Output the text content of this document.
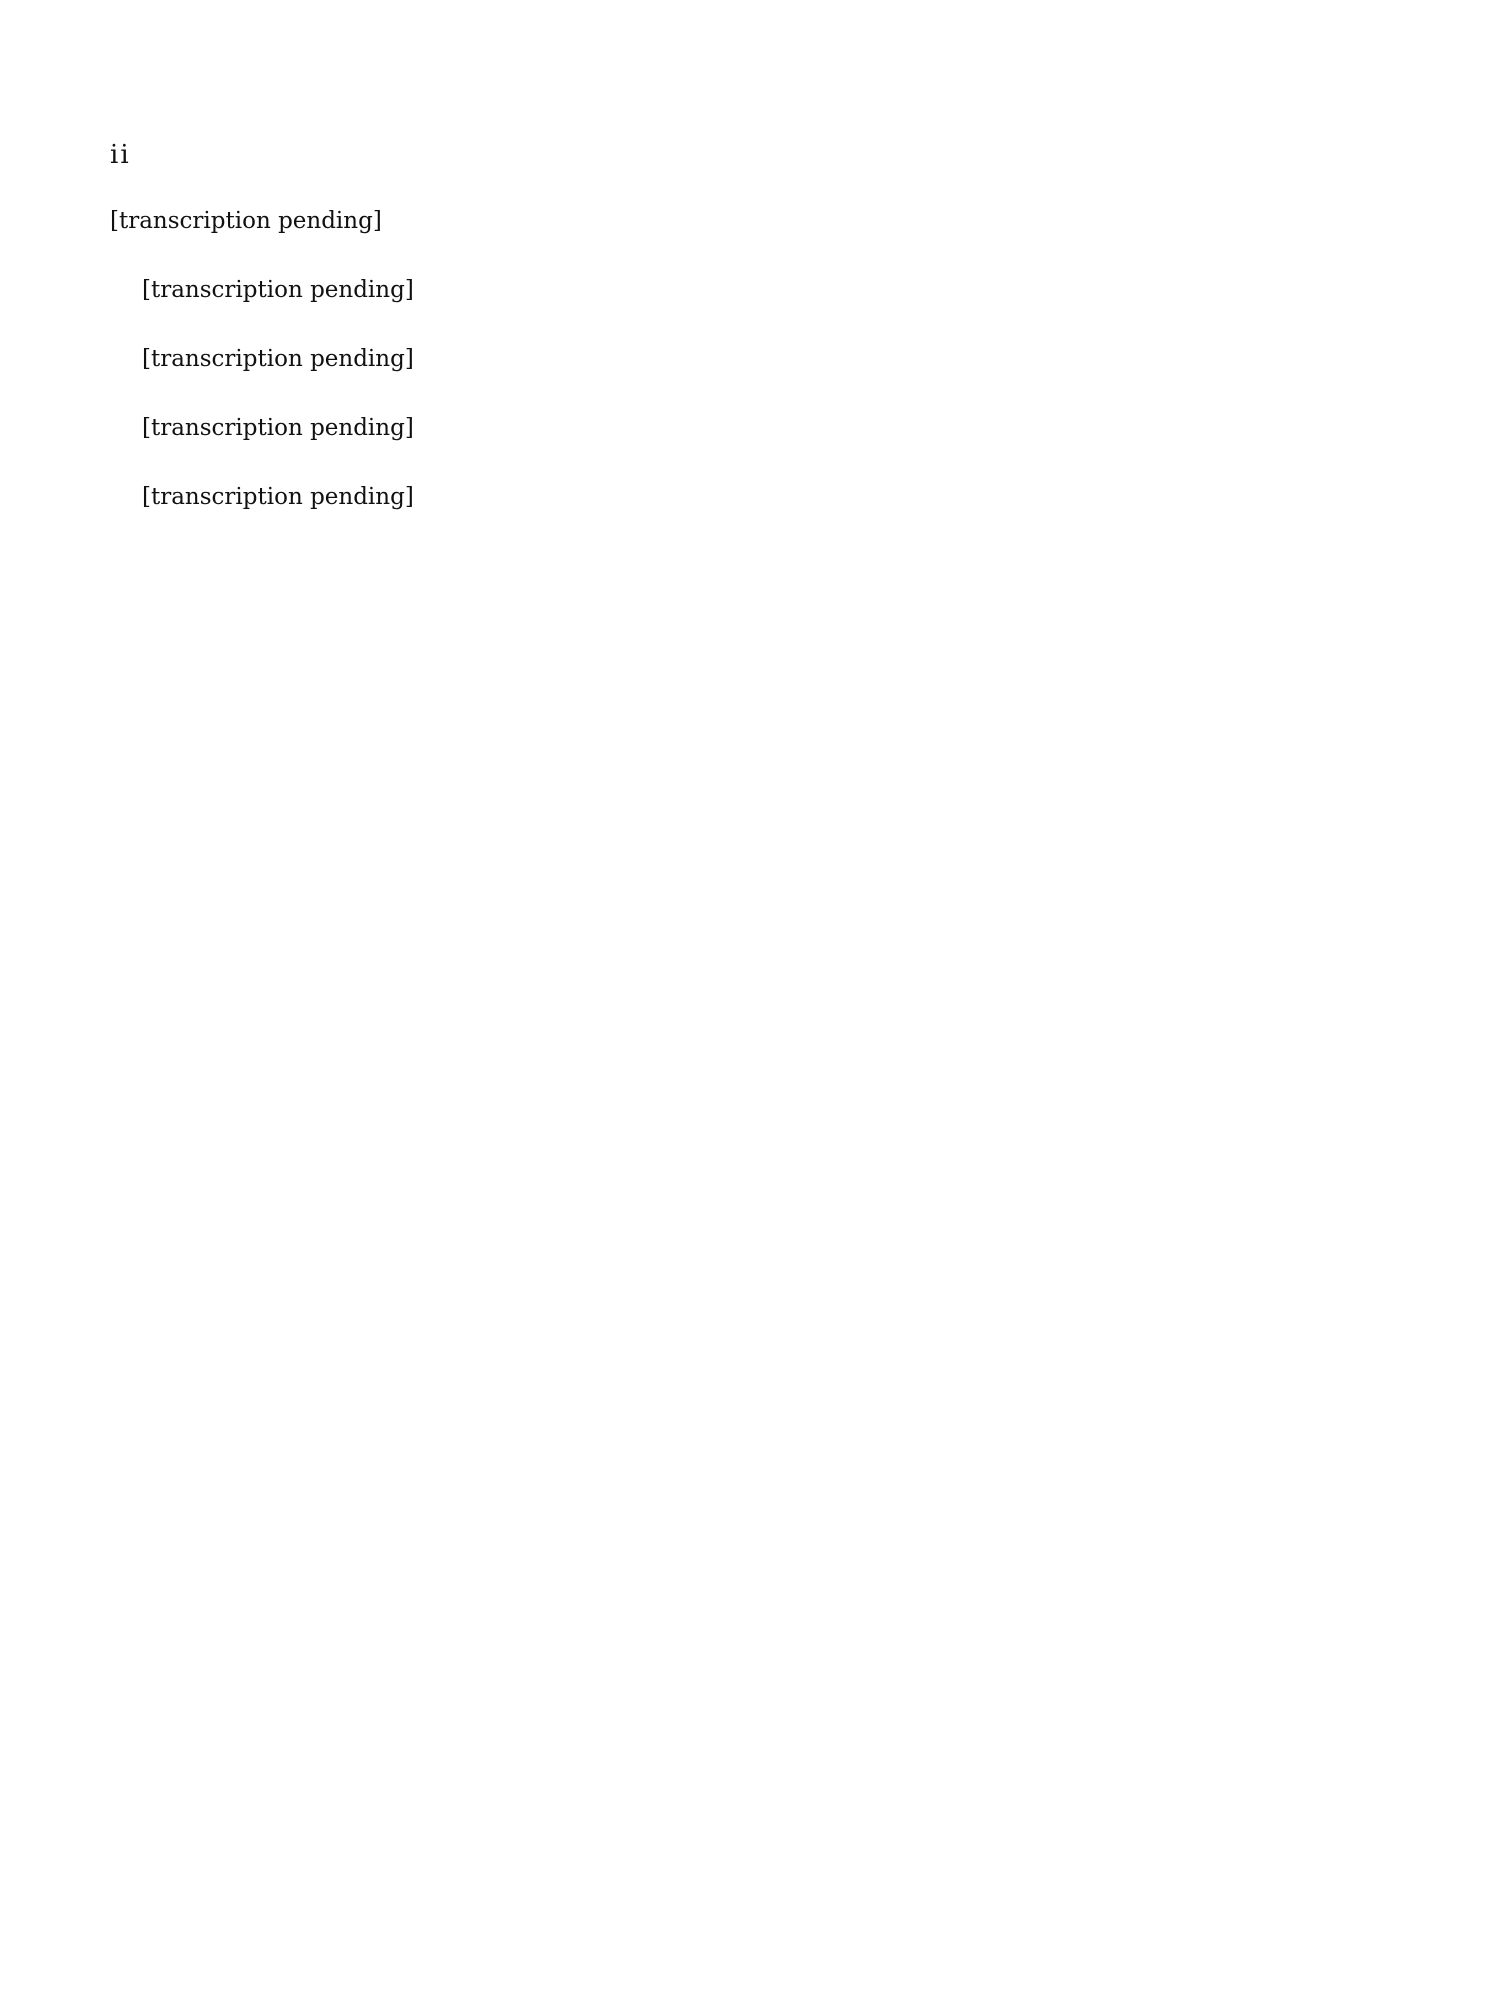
ii

[transcription pending]

[transcription pending]

[transcription pending]

[transcription pending]

[transcription pending]
